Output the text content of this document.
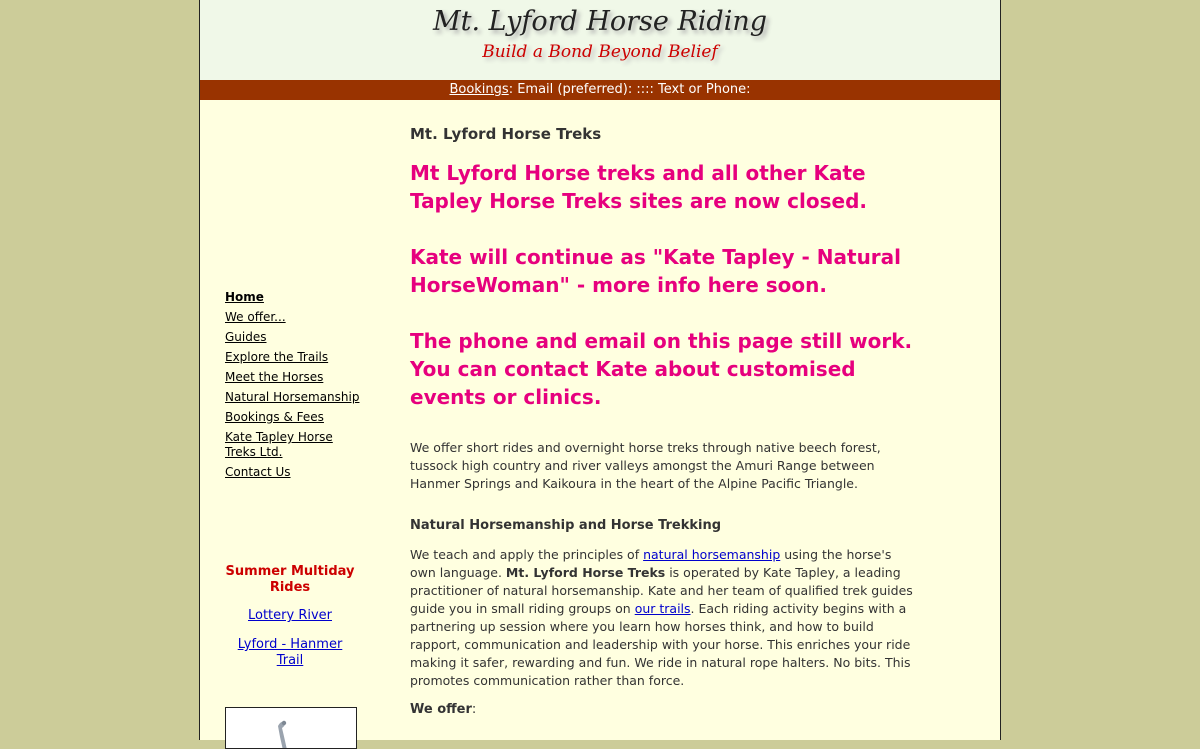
Mt. Lyford Horse Riding
Build a Bond Beyond Belief
Bookings: Email (preferred): :::: Text or Phone:
Home
We offer...
Guides
Explore the Trails
Meet the Horses
Natural Horsemanship
Bookings & Fees
Kate Tapley Horse Treks Ltd.
Contact Us
Summer Multiday Rides
Lottery River
Lyford - Hanmer Trail
Mt. Lyford Horse Treks

Mt Lyford Horse treks and all other Kate Tapley Horse Treks sites are now closed.

Kate will continue as "Kate Tapley - Natural HorseWoman" - more info here soon.

The phone and email on this page still work. You can contact Kate about customised events or clinics.

We offer short rides and overnight horse treks through native beech forest, tussock high country and river valleys amongst the Amuri Range between Hanmer Springs and Kaikoura in the heart of the Alpine Pacific Triangle.

Natural Horsemanship and Horse Trekking

We teach and apply the principles of natural horsemanship using the horse's own language. Mt. Lyford Horse Treks is operated by Kate Tapley, a leading practitioner of natural horsemanship. Kate and her team of qualified trek guides guide you in small riding groups on our trails. Each riding activity begins with a partnering up session where you learn how horses think, and how to build rapport, communication and leadership with your horse. This enriches your ride making it safer, rewarding and fun. We ride in natural rope halters. No bits. This promotes communication rather than force.

We offer:
